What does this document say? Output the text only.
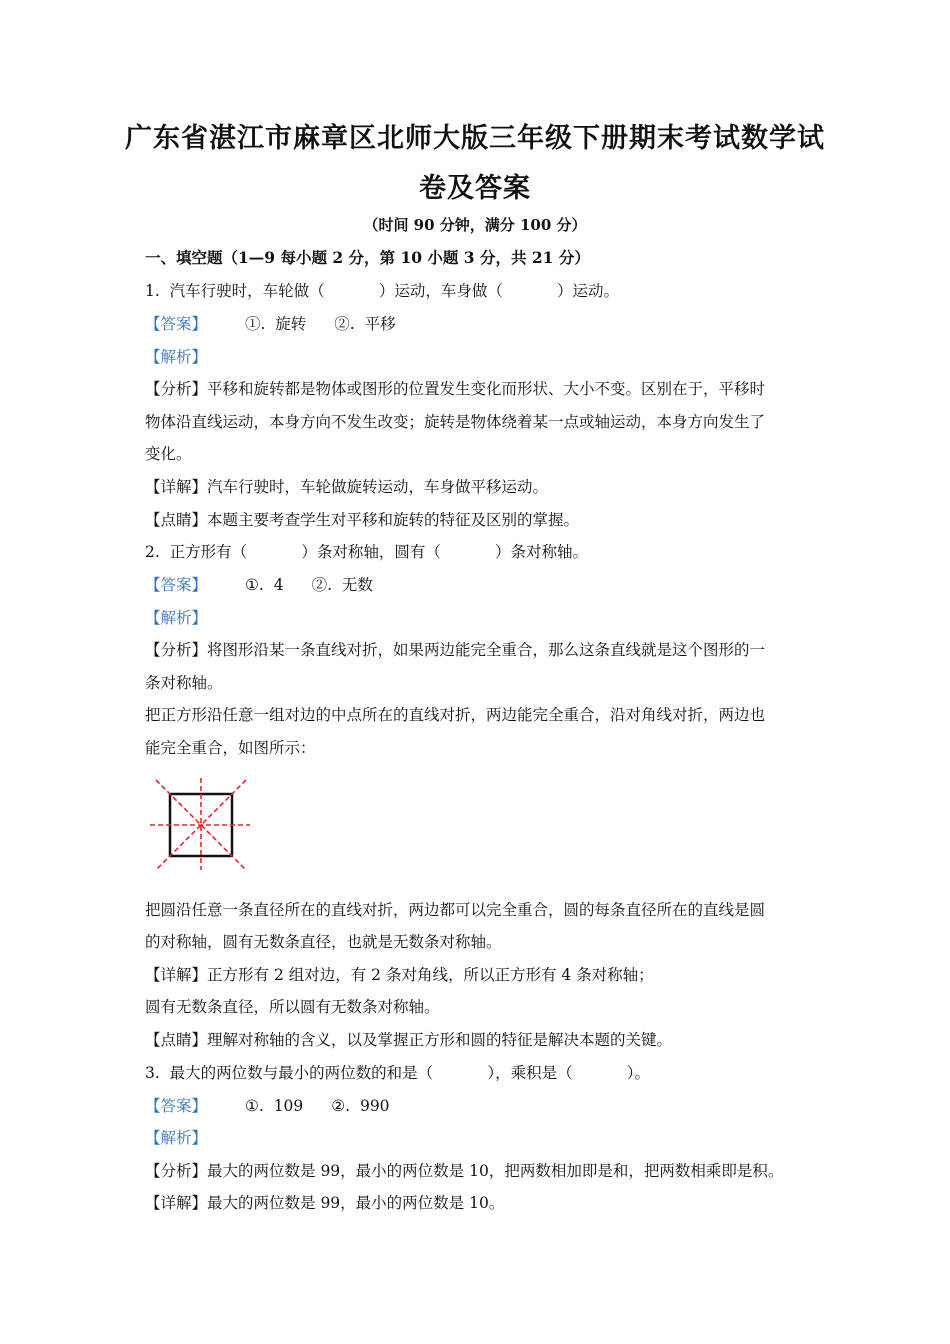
广东省湛江市麻章区北师大版三年级下册期末考试数学试
卷及答案
（时间 90 分钟，满分 100 分）
一、填空题（1—9 每小题 2 分，第 10 小题 3 分，共 21 分）
1.  汽车行驶时，车轮做（           ）运动，车身做（           ）运动。
【答案】 ①.  旋转 ②.  平移
【解析】
【分析】平移和旋转都是物体或图形的位置发生变化而形状、大小不变。区别在于，平移时
物体沿直线运动，本身方向不发生改变；旋转是物体绕着某一点或轴运动，本身方向发生了
变化。
【详解】汽车行驶时，车轮做旋转运动，车身做平移运动。
【点睛】本题主要考查学生对平移和旋转的特征及区别的掌握。
2.  正方形有（           ）条对称轴，圆有（           ）条对称轴。
【答案】 ①.  4 ②.  无数
【解析】
【分析】将图形沿某一条直线对折，如果两边能完全重合，那么这条直线就是这个图形的一
条对称轴。
把正方形沿任意一组对边的中点所在的直线对折，两边能完全重合，沿对角线对折，两边也
能完全重合，如图所示：
把圆沿任意一条直径所在的直线对折，两边都可以完全重合，圆的每条直径所在的直线是圆
的对称轴，圆有无数条直径，也就是无数条对称轴。
【详解】正方形有 2 组对边，有 2 条对角线，所以正方形有 4 条对称轴；
圆有无数条直径，所以圆有无数条对称轴。
【点睛】理解对称轴的含义，以及掌握正方形和圆的特征是解决本题的关键。
3.  最大的两位数与最小的两位数的和是（           ），乘积是（           ）。
【答案】 ①.  109 ②.  990
【解析】
【分析】最大的两位数是 99，最小的两位数是 10，把两数相加即是和，把两数相乘即是积。
【详解】最大的两位数是 99，最小的两位数是 10。
